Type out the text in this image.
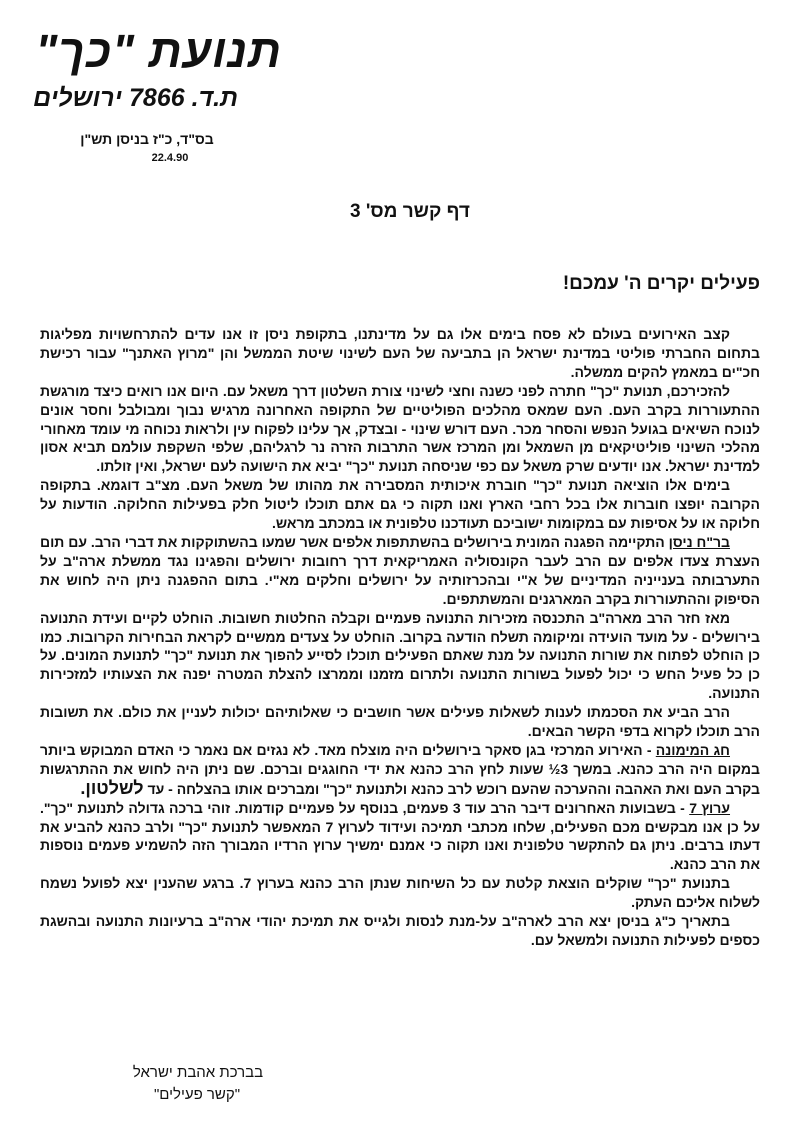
תנועת "כך"
ת.ד. 7866 ירושלים
בס"ד, כ"ז בניסן תש"ן
22.4.90
דף קשר מס' 3
פעילים יקרים ה' עמכם!

קצב האירועים בעולם לא פסח בימים אלו גם על מדינתנו, בתקופת ניסן זו אנו עדים להתרחשויות מפליגות בתחום החברתי פוליטי במדינת ישראל הן בתביעה של העם לשינוי שיטת הממשל והן "מרוץ האתנך" עבור רכישת חכ"ים במאמץ להקים ממשלה.

להזכירכם, תנועת "כך" חתרה לפני כשנה וחצי לשינוי צורת השלטון דרך משאל עם. היום אנו רואים כיצד מורגשת ההתעוררות בקרב העם. העם שמאס מהלכים הפוליטיים של התקופה האחרונה מרגיש נבוך ומבולבל וחסר אונים לנוכח השיאים בגועל הנפש והסחר מכר. העם דורש שינוי - ובצדק, אך עלינו לפקוח עין ולראות נכוחה מי עומד מאחורי מהלכי השינוי פוליטיקאים מן השמאל ומן המרכז אשר התרבות הזרה נר לרגליהם, שלפי השקפת עולמם תביא אסון למדינת ישראל. אנו יודעים שרק משאל עם כפי שניסחה תנועת "כך" יביא את הישועה לעם ישראל, ואין זולתו.

בימים אלו הוציאה תנועת "כך" חוברת איכותית המסבירה את מהותו של משאל העם. מצ"ב דוגמא. בתקופה הקרובה יופצו חוברות אלו בכל רחבי הארץ ואנו תקוה כי גם אתם תוכלו ליטול חלק בפעילות החלוקה. הודעות על חלוקה או על אסיפות עם במקומות ישוביכם תעודכנו טלפונית או במכתב מראש.

בר"ח ניסן התקיימה הפגנה המונית בירושלים בהשתתפות אלפים אשר שמעו בהשתוקקות את דברי הרב. עם תום העצרת צעדו אלפים עם הרב לעבר הקונסוליה האמריקאית דרך רחובות ירושלים והפגינו נגד ממשלת ארה"ב על התערבותה בענייניה המדיניים של א"י ובהכרזותיה על ירושלים וחלקים מא"י. בתום ההפגנה ניתן היה לחוש את הסיפוק וההתעוררות בקרב המארגנים והמשתתפים.

מאז חזר הרב מארה"ב התכנסה מזכירות התנועה פעמיים וקבלה החלטות חשובות. הוחלט לקיים ועידת התנועה בירושלים - על מועד הועידה ומיקומה תשלח הודעה בקרוב. הוחלט על צעדים ממשיים לקראת הבחירות הקרובות. כמו כן הוחלט לפתוח את שורות התנועה על מנת שאתם הפעילים תוכלו לסייע להפוך את תנועת "כך" לתנועת המונים. על כן כל פעיל החש כי יכול לפעול בשורות התנועה ולתרום מזמנו וממרצו להצלת המטרה יפנה את הצעותיו למזכירות התנועה.

הרב הביע את הסכמתו לענות לשאלות פעילים אשר חושבים כי שאלותיהם יכולות לעניין את כולם. את תשובות הרב תוכלו לקרוא בדפי הקשר הבאים.

חג המימונה - האירוע המרכזי בגן סאקר בירושלים היה מוצלח מאד. לא נגזים אם נאמר כי האדם המבוקש ביותר במקום היה הרב כהנא. במשך 3½ שעות לחץ הרב כהנא את ידי החוגגים וברכם. שם ניתן היה לחוש את ההתרגשות בקרב העם ואת האהבה וההערכה שהעם רוכש לרב כהנא ולתנועת "כך" ומברכים אותו בהצלחה - עד לשלטון.

ערוץ 7 - בשבועות האחרונים דיבר הרב עוד 3 פעמים, בנוסף על פעמיים קודמות. זוהי ברכה גדולה לתנועת "כך". על כן אנו מבקשים מכם הפעילים, שלחו מכתבי תמיכה ועידוד לערוץ 7 המאפשר לתנועת "כך" ולרב כהנא להביע את דעתו ברבים. ניתן גם להתקשר טלפונית ואנו תקוה כי אמנם ימשיך ערוץ הרדיו המבורך הזה להשמיע פעמים נוספות את הרב כהנא.

בתנועת "כך" שוקלים הוצאת קלטת עם כל השיחות שנתן הרב כהנא בערוץ 7. ברגע שהענין יצא לפועל נשמח לשלוח אליכם העתק.

בתאריך כ"ג בניסן יצא הרב לארה"ב על-מנת לנסות ולגייס את תמיכת יהודי ארה"ב ברעיונות התנועה ובהשגת כספים לפעילות התנועה ולמשאל עם.

בברכת אהבת ישראל
"קשר פעילים"
